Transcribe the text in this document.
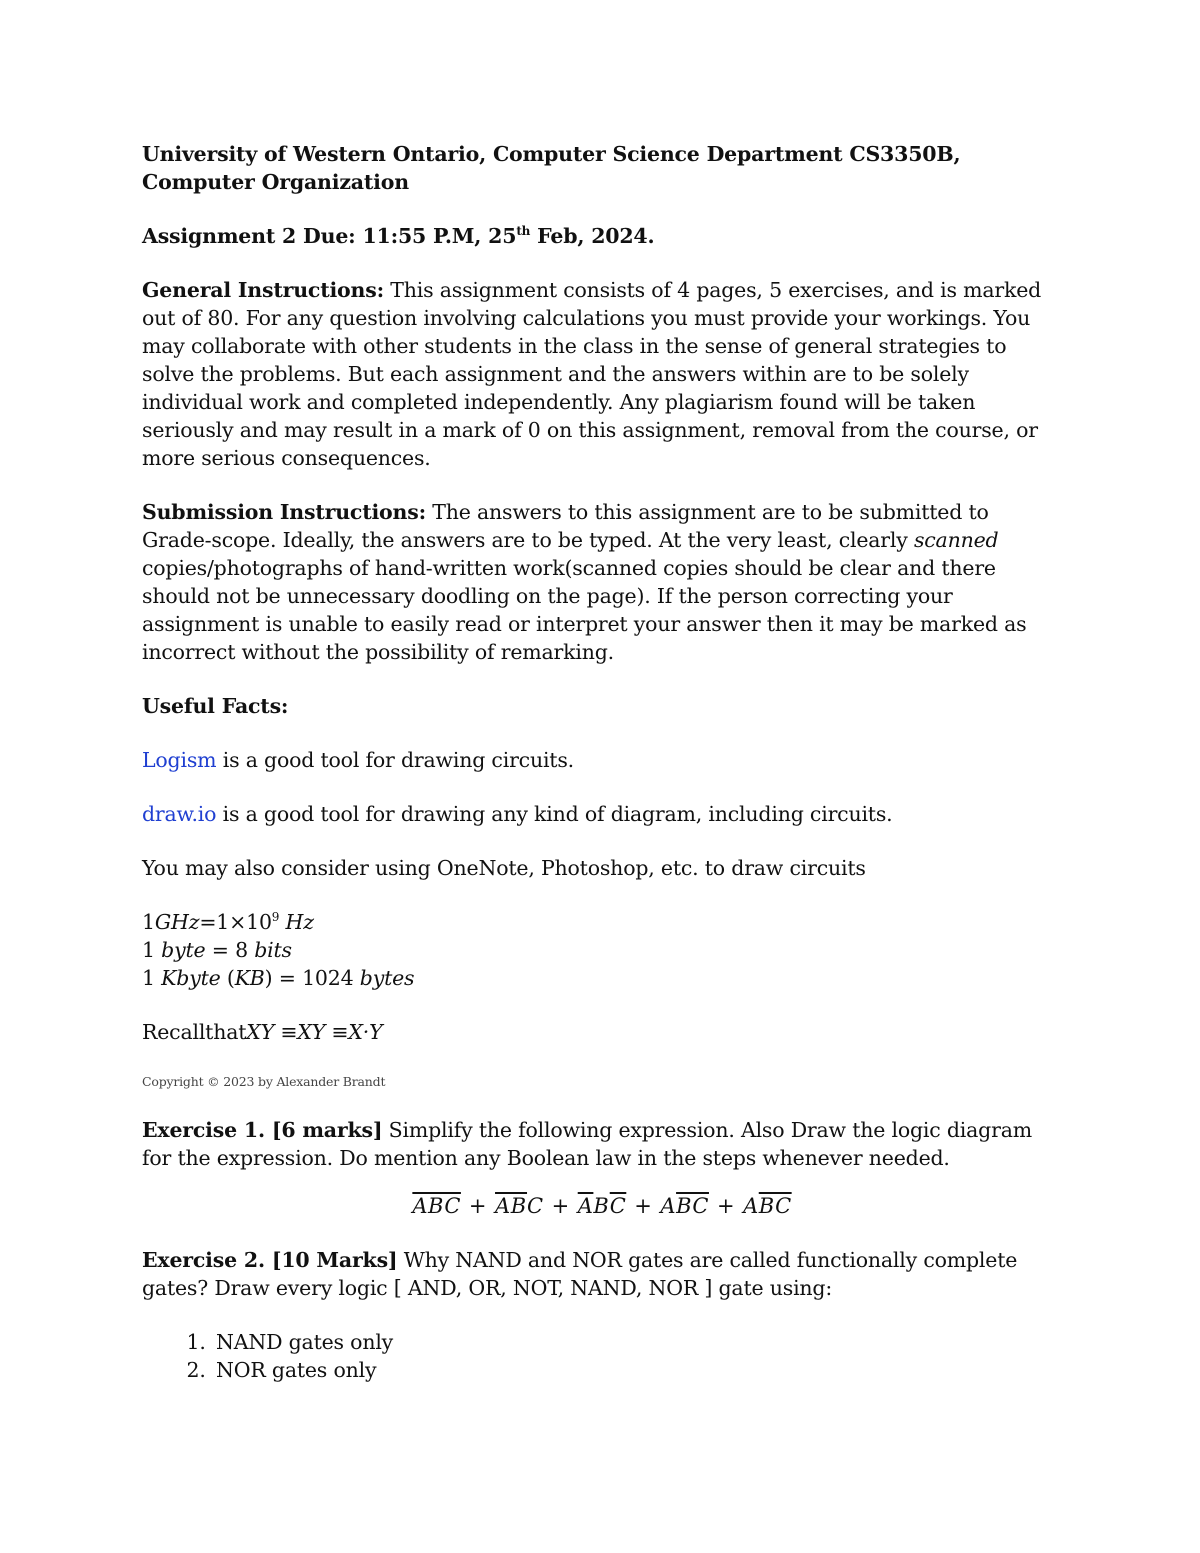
University of Western Ontario, Computer Science Department CS3350B, Computer Organization

Assignment 2 Due: 11:55 P.M, 25th Feb, 2024.

General Instructions: This assignment consists of 4 pages, 5 exercises, and is marked out of 80. For any question involving calculations you must provide your workings. You may collaborate with other students in the class in the sense of general strategies to solve the problems. But each assignment and the answers within are to be solely individual work and completed independently. Any plagiarism found will be taken seriously and may result in a mark of 0 on this assignment, removal from the course, or more serious consequences.

Submission Instructions: The answers to this assignment are to be submitted to Grade-scope. Ideally, the answers are to be typed. At the very least, clearly scanned copies/photographs of hand-written work(scanned copies should be clear and there should not be unnecessary doodling on the page). If the person correcting your assignment is unable to easily read or interpret your answer then it may be marked as incorrect without the possibility of remarking.

Useful Facts:

Logism is a good tool for drawing circuits.

draw.io is a good tool for drawing any kind of diagram, including circuits.

You may also consider using OneNote, Photoshop, etc. to draw circuits

$1GHz=1\times 10^9$ Hz

1 byte = 8 bits

1 Kbyte (KB) = 1024 bytes

RecallthatXY ≡XY ≡X·Y

Copyright © 2023 by Alexander Brandt

Exercise 1. [6 marks] Simplify the following expression. Also Draw the logic diagram for the expression. Do mention any Boolean law in the steps whenever needed.

$\overline{ABC} + \overline{AB}C + \overline{A}B\overline{C} + A\overline{BC} + A\overline{BC}$

Exercise 2. [10 Marks] Why NAND and NOR gates are called functionally complete gates? Draw every logic [ AND, OR, NOT, NAND, NOR ] gate using:

1. NAND gates only
2. NOR gates only
